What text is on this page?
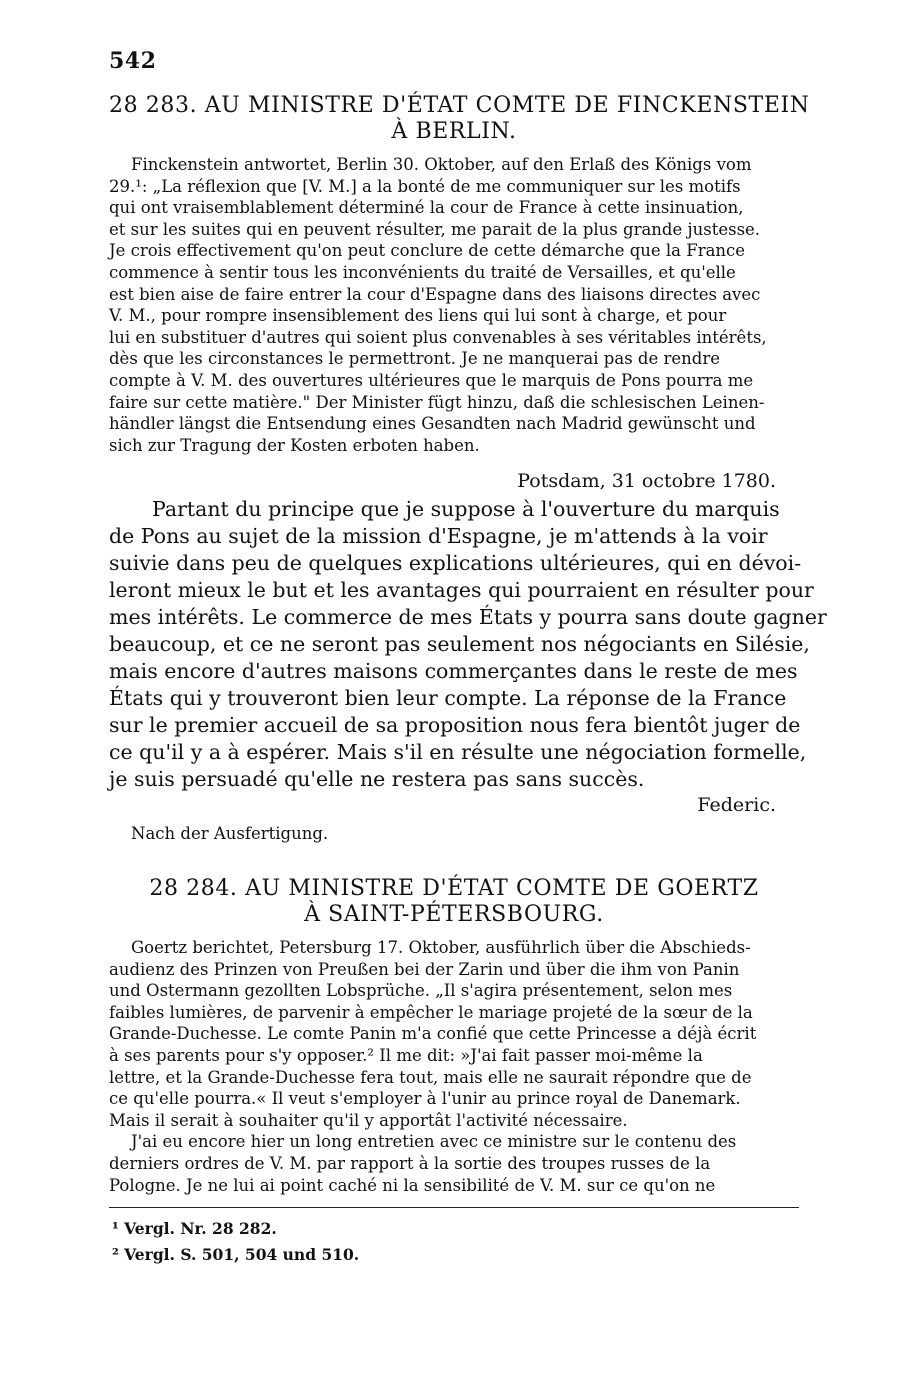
542
28 283. AU MINISTRE D'ÉTAT COMTE DE FINCKENSTEIN
À BERLIN.
Finckenstein antwortet, Berlin 30. Oktober, auf den Erlaß des Königs vom
29.¹: „La réflexion que [V. M.] a la bonté de me communiquer sur les motifs
qui ont vraisemblablement déterminé la cour de France à cette insinuation,
et sur les suites qui en peuvent résulter, me parait de la plus grande justesse.
Je crois effectivement qu'on peut conclure de cette démarche que la France
commence à sentir tous les inconvénients du traité de Versailles, et qu'elle
est bien aise de faire entrer la cour d'Espagne dans des liaisons directes avec
V. M., pour rompre insensiblement des liens qui lui sont à charge, et pour
lui en substituer d'autres qui soient plus convenables à ses véritables intérêts,
dès que les circonstances le permettront. Je ne manquerai pas de rendre
compte à V. M. des ouvertures ultérieures que le marquis de Pons pourra me
faire sur cette matière." Der Minister fügt hinzu, daß die schlesischen Leinen-
händler längst die Entsendung eines Gesandten nach Madrid gewünscht und
sich zur Tragung der Kosten erboten haben.
Potsdam, 31 octobre 1780.
Partant du principe que je suppose à l'ouverture du marquis
de Pons au sujet de la mission d'Espagne, je m'attends à la voir
suivie dans peu de quelques explications ultérieures, qui en dévoi-
leront mieux le but et les avantages qui pourraient en résulter pour
mes intérêts. Le commerce de mes États y pourra sans doute gagner
beaucoup, et ce ne seront pas seulement nos négociants en Silésie,
mais encore d'autres maisons commerçantes dans le reste de mes
États qui y trouveront bien leur compte. La réponse de la France
sur le premier accueil de sa proposition nous fera bientôt juger de
ce qu'il y a à espérer. Mais s'il en résulte une négociation formelle,
je suis persuadé qu'elle ne restera pas sans succès.
Federic.
Nach der Ausfertigung.
28 284. AU MINISTRE D'ÉTAT COMTE DE GOERTZ
À SAINT-PÉTERSBOURG.
Goertz berichtet, Petersburg 17. Oktober, ausführlich über die Abschieds-
audienz des Prinzen von Preußen bei der Zarin und über die ihm von Panin
und Ostermann gezollten Lobsprüche. „Il s'agira présentement, selon mes
faibles lumières, de parvenir à empêcher le mariage projeté de la sœur de la
Grande-Duchesse. Le comte Panin m'a confié que cette Princesse a déjà écrit
à ses parents pour s'y opposer.² Il me dit: »J'ai fait passer moi-même la
lettre, et la Grande-Duchesse fera tout, mais elle ne saurait répondre que de
ce qu'elle pourra.« Il veut s'employer à l'unir au prince royal de Danemark.
Mais il serait à souhaiter qu'il y apportât l'activité nécessaire.
J'ai eu encore hier un long entretien avec ce ministre sur le contenu des
derniers ordres de V. M. par rapport à la sortie des troupes russes de la
Pologne. Je ne lui ai point caché ni la sensibilité de V. M. sur ce qu'on ne
¹ Vergl. Nr. 28 282.
² Vergl. S. 501, 504 und 510.
